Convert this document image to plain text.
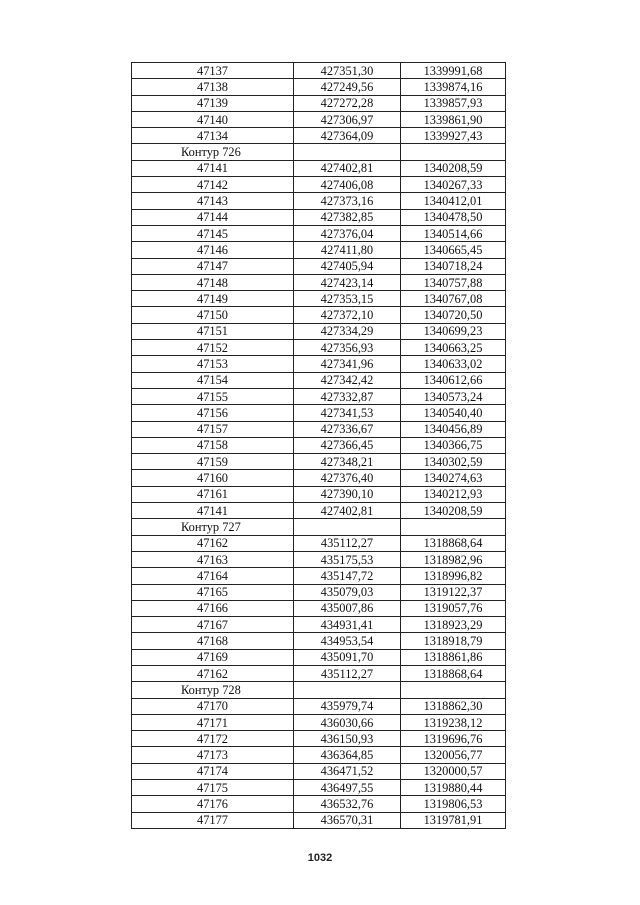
47137	427351,30	1339991,68
47138	427249,56	1339874,16
47139	427272,28	1339857,93
47140	427306,97	1339861,90
47134	427364,09	1339927,43
Контур 726		
47141	427402,81	1340208,59
47142	427406,08	1340267,33
47143	427373,16	1340412,01
47144	427382,85	1340478,50
47145	427376,04	1340514,66
47146	427411,80	1340665,45
47147	427405,94	1340718,24
47148	427423,14	1340757,88
47149	427353,15	1340767,08
47150	427372,10	1340720,50
47151	427334,29	1340699,23
47152	427356,93	1340663,25
47153	427341,96	1340633,02
47154	427342,42	1340612,66
47155	427332,87	1340573,24
47156	427341,53	1340540,40
47157	427336,67	1340456,89
47158	427366,45	1340366,75
47159	427348,21	1340302,59
47160	427376,40	1340274,63
47161	427390,10	1340212,93
47141	427402,81	1340208,59
Контур 727		
47162	435112,27	1318868,64
47163	435175,53	1318982,96
47164	435147,72	1318996,82
47165	435079,03	1319122,37
47166	435007,86	1319057,76
47167	434931,41	1318923,29
47168	434953,54	1318918,79
47169	435091,70	1318861,86
47162	435112,27	1318868,64
Контур 728		
47170	435979,74	1318862,30
47171	436030,66	1319238,12
47172	436150,93	1319696,76
47173	436364,85	1320056,77
47174	436471,52	1320000,57
47175	436497,55	1319880,44
47176	436532,76	1319806,53
47177	436570,31	1319781,91
1032
